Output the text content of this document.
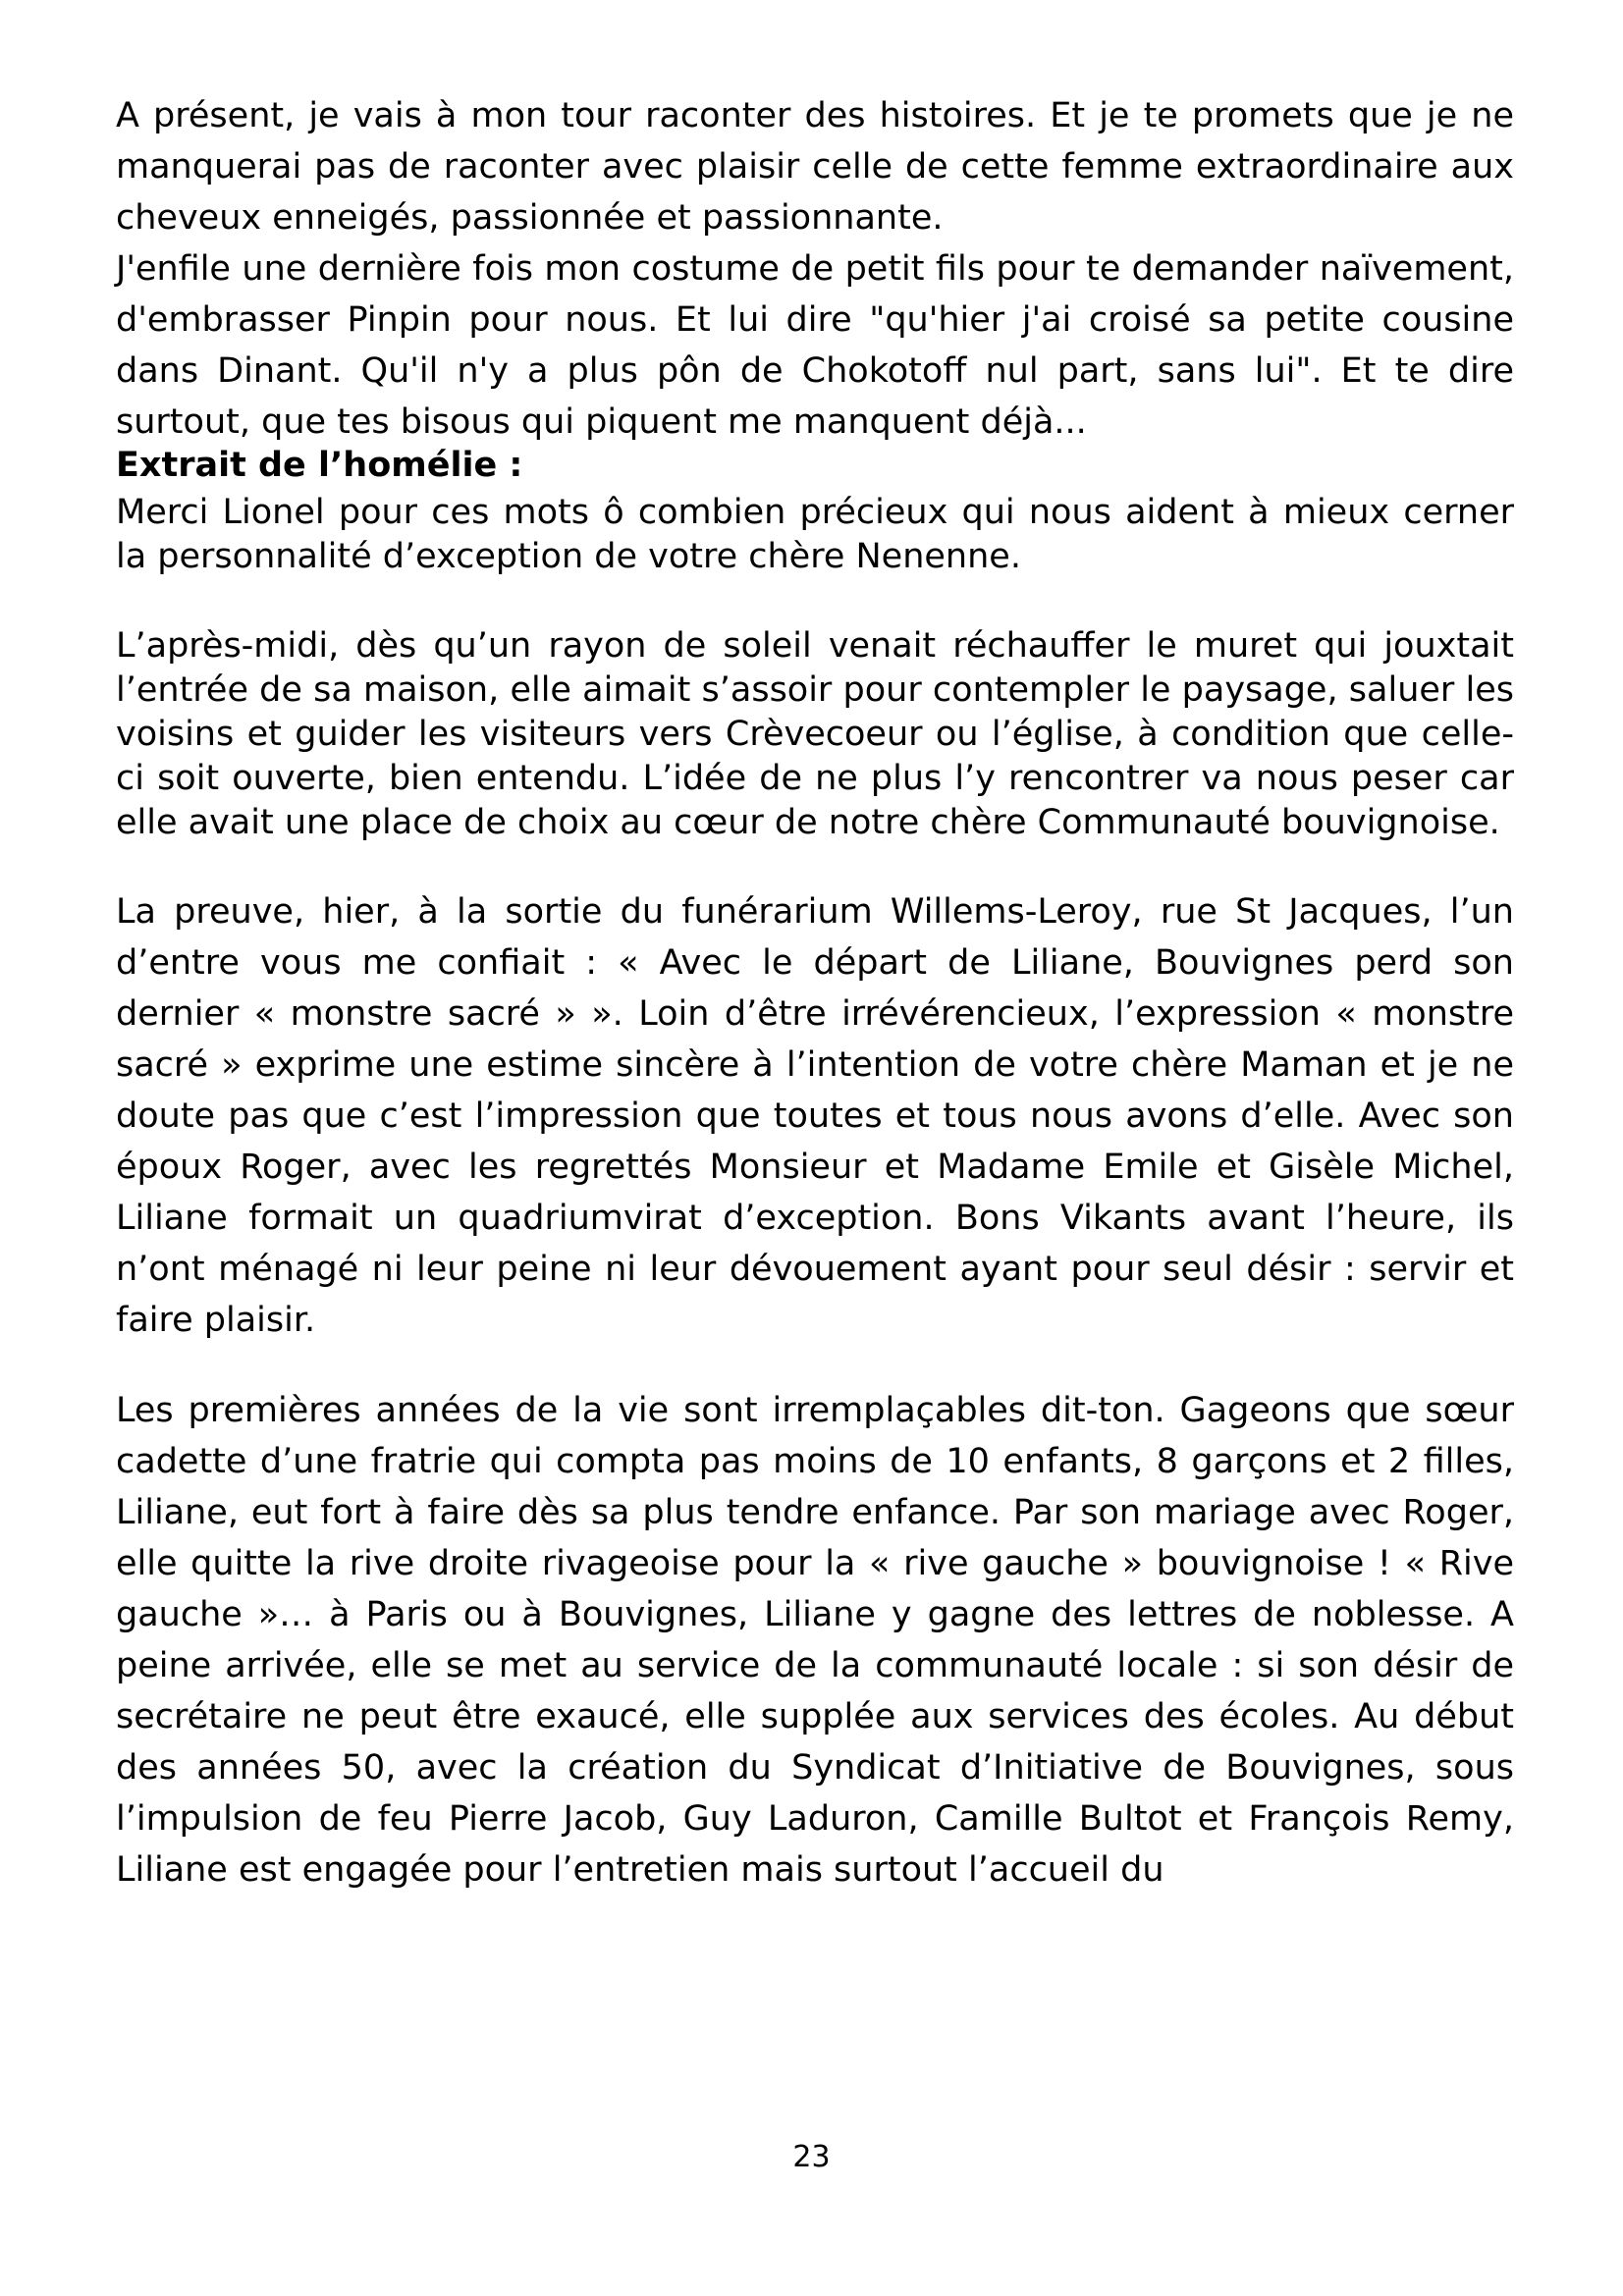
A présent, je vais à mon tour raconter des histoires. Et je te promets que je ne manquerai pas de raconter avec plaisir celle de cette femme extraordinaire aux cheveux enneigés, passionnée et passionnante.

J'enfile une dernière fois mon costume de petit fils pour te demander naïvement, d'embrasser Pinpin pour nous. Et lui dire "qu'hier j'ai croisé sa petite cousine dans Dinant. Qu'il n'y a plus pôn de Chokotoff nul part, sans lui". Et te dire surtout, que tes bisous qui piquent me manquent déjà...

Extrait de l’homélie :

Merci Lionel pour ces mots ô combien précieux qui nous aident à mieux cerner la personnalité d’exception de votre chère Nenenne.

L’après-midi, dès qu’un rayon de soleil venait réchauffer le muret qui jouxtait l’entrée de sa maison, elle aimait s’assoir pour contempler le paysage, saluer les voisins et guider les visiteurs vers Crèvecoeur ou l’église, à condition que celle-ci soit ouverte, bien entendu. L’idée de ne plus l’y rencontrer va nous peser car elle avait une place de choix au cœur de notre chère Communauté bouvignoise.

La preuve, hier, à la sortie du funérarium Willems-Leroy, rue St Jacques, l’un d’entre vous me confiait : « Avec le départ de Liliane, Bouvignes perd son dernier « monstre sacré » ». Loin d’être irrévérencieux, l’expression « monstre sacré » exprime une estime sincère à l’intention de votre chère Maman et je ne doute pas que c’est l’impression que toutes et tous nous avons d’elle. Avec son époux Roger, avec les regrettés Monsieur et Madame Emile et Gisèle Michel, Liliane formait un quadriumvirat d’exception. Bons Vikants avant l’heure, ils n’ont ménagé ni leur peine ni leur dévouement ayant pour seul désir : servir et faire plaisir.

Les premières années de la vie sont irremplaçables dit-ton. Gageons que sœur cadette d’une fratrie qui compta pas moins de 10 enfants, 8 garçons et 2 filles, Liliane, eut fort à faire dès sa plus tendre enfance. Par son mariage avec Roger, elle quitte la rive droite rivageoise pour la « rive gauche » bouvignoise ! « Rive gauche »… à Paris ou à Bouvignes, Liliane y gagne des lettres de noblesse. A peine arrivée, elle se met au service de la communauté locale : si son désir de secrétaire ne peut être exaucé, elle supplée aux services des écoles. Au début des années 50, avec la création du Syndicat d’Initiative de Bouvignes, sous l’impulsion de feu Pierre Jacob, Guy Laduron, Camille Bultot et François Remy, Liliane est engagée pour l’entretien mais surtout l’accueil du

23
